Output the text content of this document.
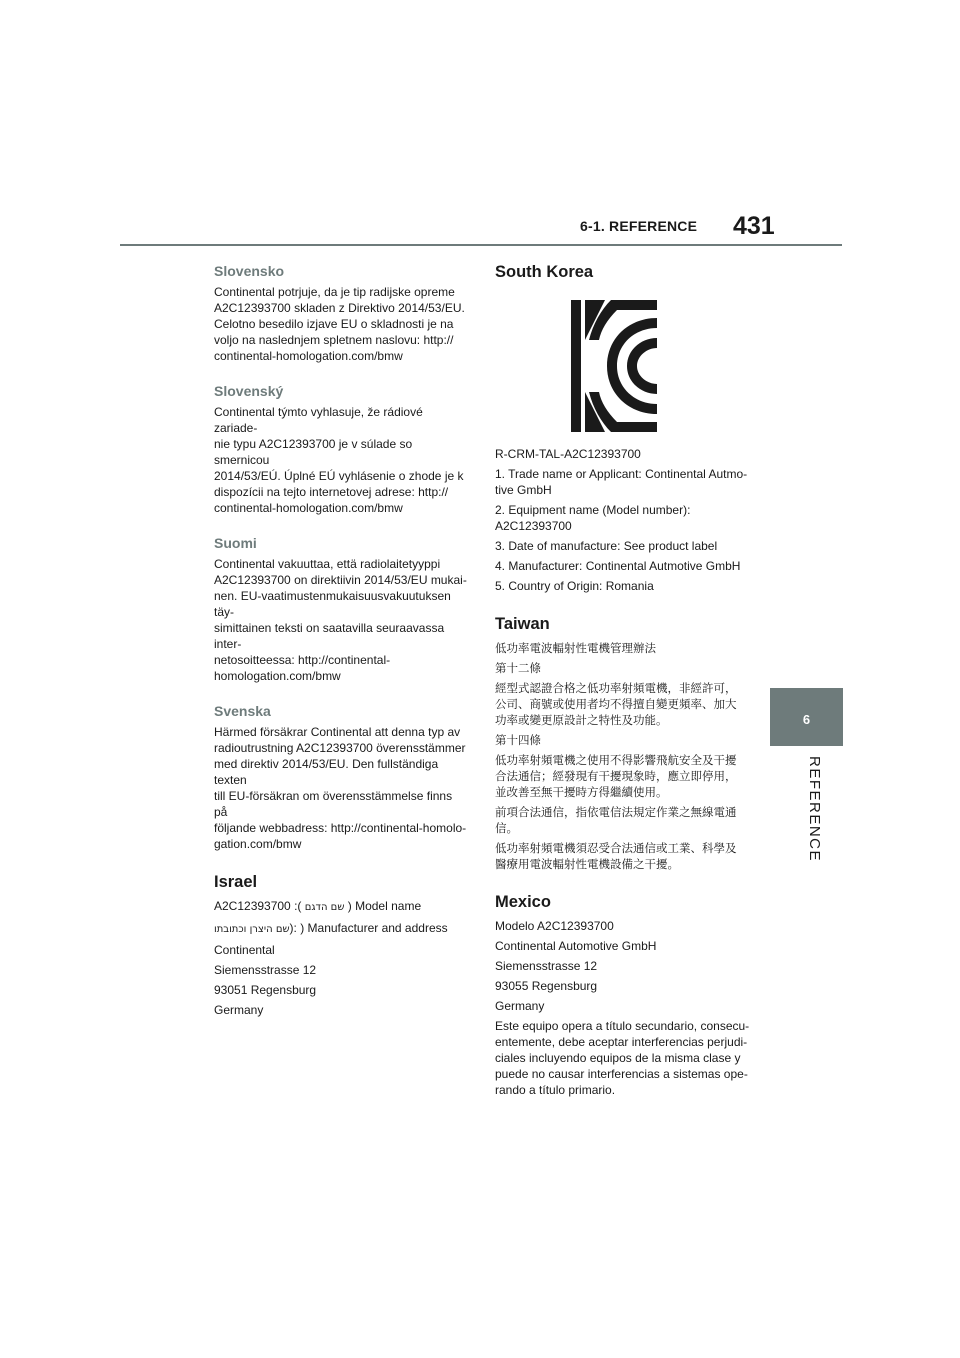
6-1. REFERENCE 431
6
REFERENCE
Slovensko

Continental potrjuje, da je tip radijske opreme
A2C12393700 skladen z Direktivo 2014/53/EU.
Celotno besedilo izjave EU o skladnosti je na
voljo na naslednjem spletnem naslovu: http://
continental-homologation.com/bmw

Slovenský

Continental týmto vyhlasuje, že rádiové zariade-
nie typu A2C12393700 je v súlade so smernicou
2014/53/EÚ. Úplné EÚ vyhlásenie o zhode je k
dispozícii na tejto internetovej adrese: http://
continental-homologation.com/bmw

Suomi

Continental vakuuttaa, että radiolaitetyyppi
A2C12393700 on direktiivin 2014/53/EU mukai-
nen. EU-vaatimustenmukaisuusvakuutuksen täy-
simittainen teksti on saatavilla seuraavassa inter-
netosoitteessa: http://continental-
homologation.com/bmw

Svenska

Härmed försäkrar Continental att denna typ av
radioutrustning A2C12393700 överensstämmer
med direktiv 2014/53/EU. Den fullständiga texten
till EU-försäkran om överensstämmelse finns på
följande webbadress: http://continental-homolo-
gation.com/bmw

Israel

A2C12393700 :( שם הדגם ) Model name

שם היצרן וכתובתו): ) Manufacturer and address

Continental

Siemensstrasse 12

93051 Regensburg

Germany

South Korea

R-CRM-TAL-A2C12393700

1. Trade name or Applicant: Continental Autmo-
tive GmbH

2. Equipment name (Model number):
A2C12393700

3. Date of manufacture: See product label

4. Manufacturer: Continental Autmotive GmbH

5. Country of Origin: Romania

Taiwan

低功率電波輻射性電機管理辦法

第十二條

經型式認證合格之低功率射頻電機，非經許可，
公司、商號或使用者均不得擅自變更頻率、加大
功率或變更原設計之特性及功能。

第十四條

低功率射頻電機之使用不得影響飛航安全及干擾
合法通信；經發現有干擾現象時，應立即停用，
並改善至無干擾時方得繼續使用。

前項合法通信，指依電信法規定作業之無線電通
信。

低功率射頻電機須忍受合法通信或工業、科學及
醫療用電波輻射性電機設備之干擾。

Mexico

Modelo A2C12393700

Continental Automotive GmbH

Siemensstrasse 12

93055 Regensburg

Germany

Este equipo opera a título secundario, consecu-
entemente, debe aceptar interferencias perjudi-
ciales incluyendo equipos de la misma clase y
puede no causar interferencias a sistemas ope-
rando a título primario.
